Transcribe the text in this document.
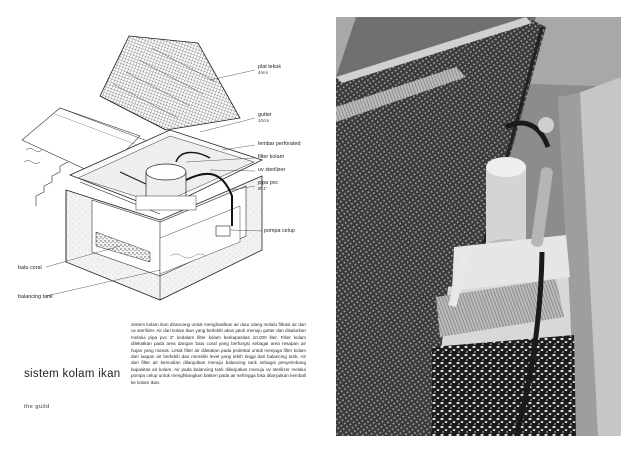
plat tekuk
4mm
gutter
10cm
lembar perforated
filter kolam
uv sterilizer
pipa pvc
Ø 1"
pompa celup
batu coral
balancing tank
Sistem kolam ikan dirancang untuk menghasilkan air daur ulang melalu filtrasi air dan uv sterilizer. Air dari kolam ikan yang berlebih akan jatuh menuju gutter dan disalurkan melalui pipa pvc 3" kedalam filter kolam berkapasitas 10.000 liter. Filter kolam dilekatkan pada area dangan batu coral yang berfungsi sebagai area resapan air hujan yang masuk. Letak filter air diletakan pada pedestal untuk menjaga filter kolam dari luapan air berlebih dan memiliki level yang lebih tinggi dari balancing tank. Air dari filter air kemudian dilanjutkan menuju balancing tank sebagai penyeimbang kapasitas air kolam. Air pada balancing tank dilanjutkan menuju uv sterilizer melalui pompa celup untuk menghilangkan bakteri pada air sehingga bisa dilanjutkan kembali ke kolam ikan.
sistem kolam ikan
the guild
